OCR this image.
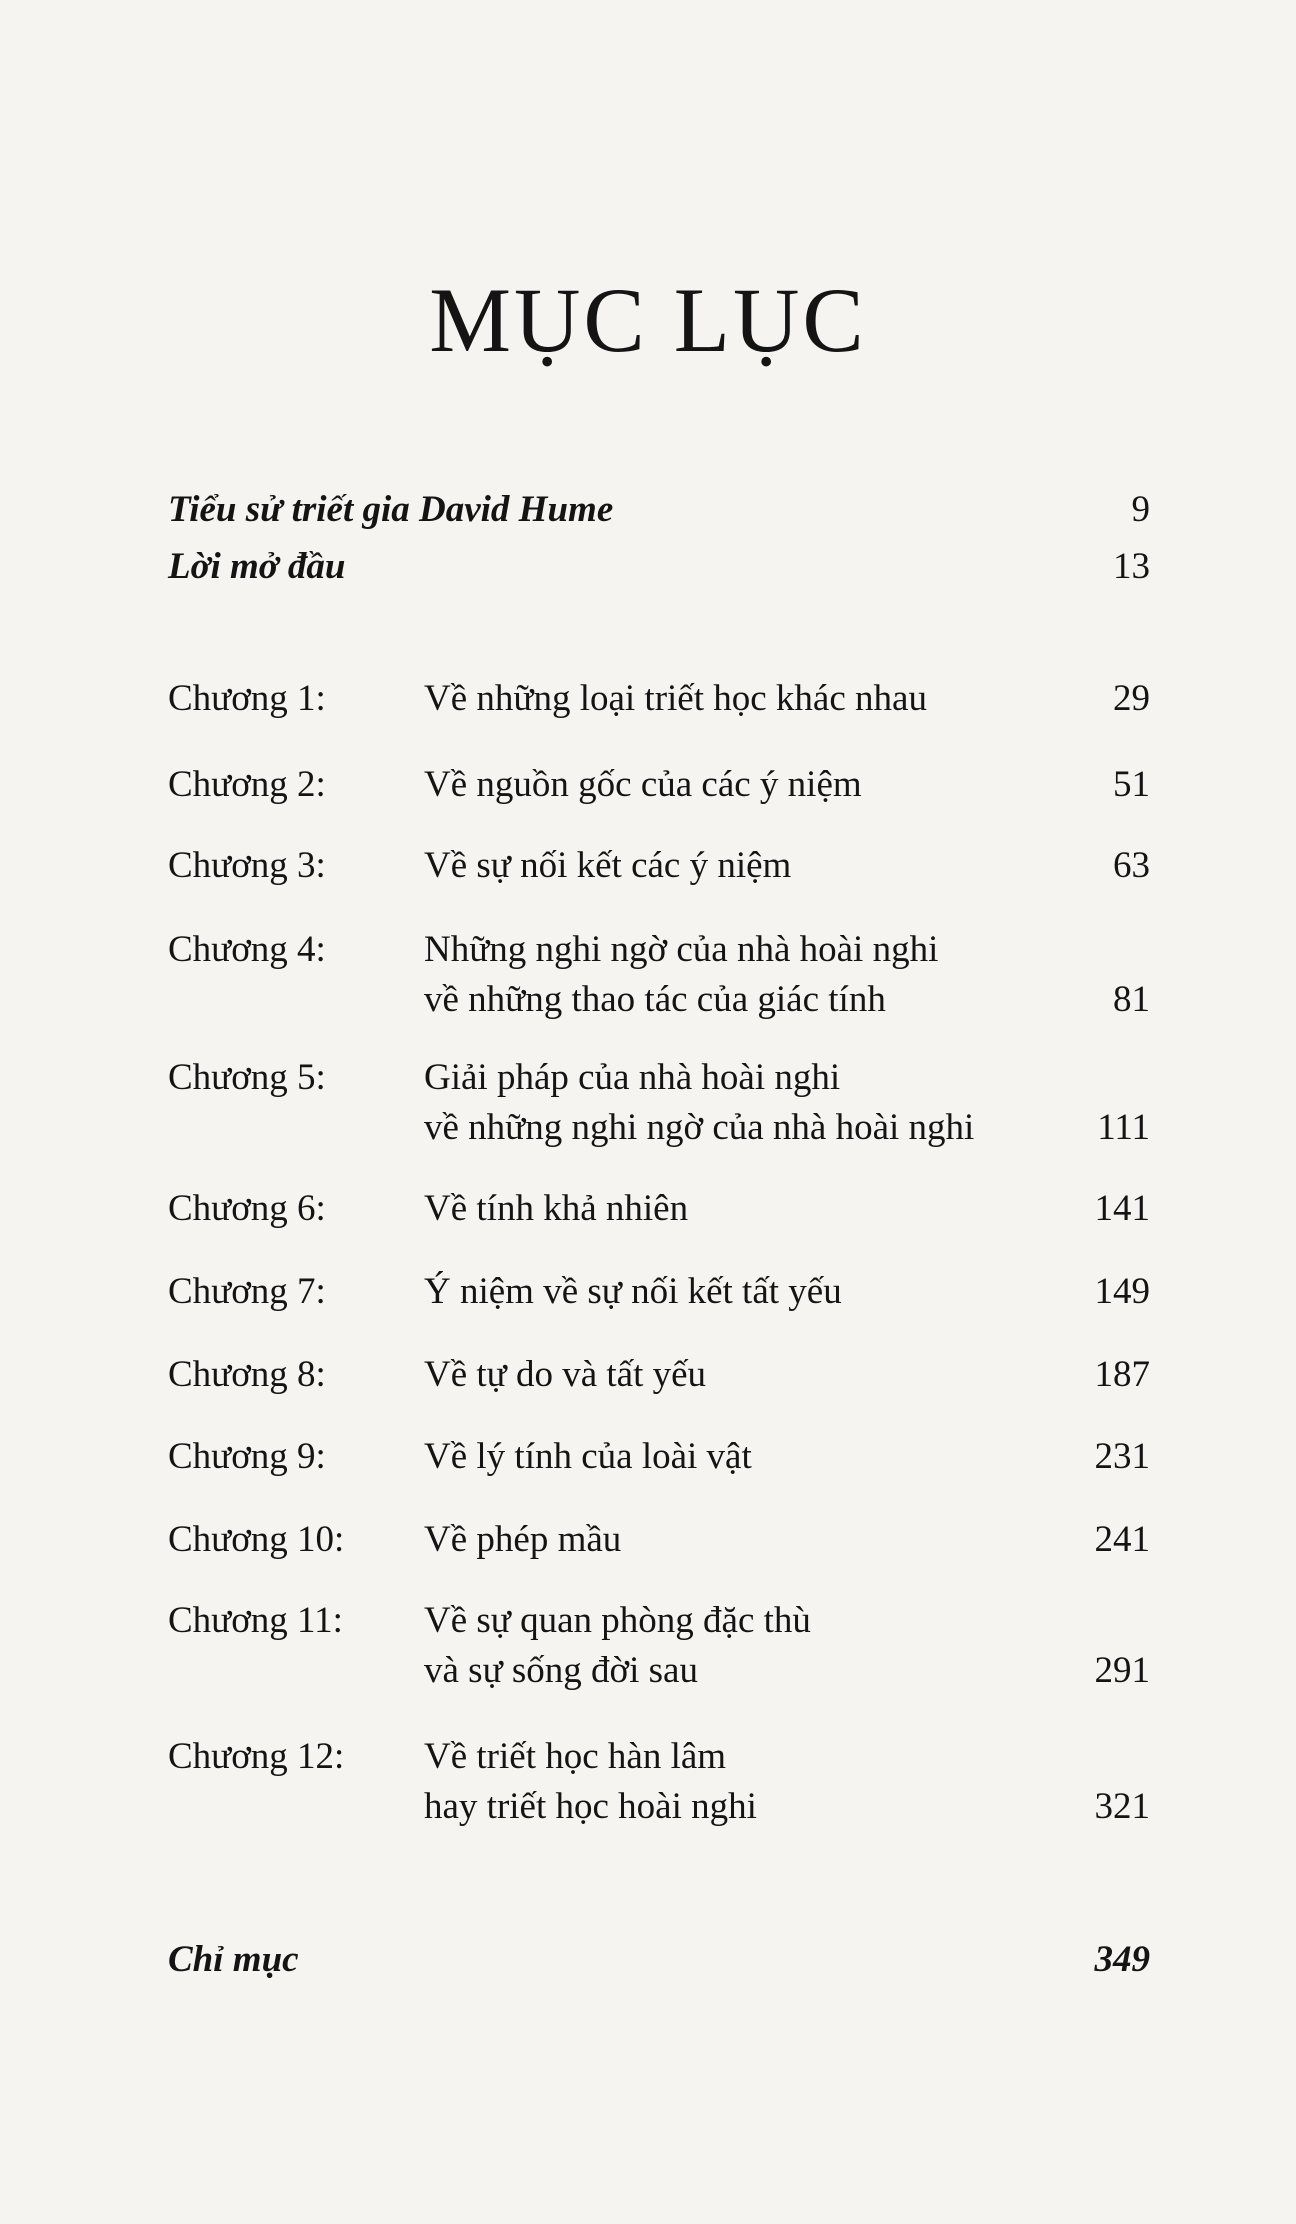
MỤC LỤC
Tiểu sử triết gia David Hume	9
Lời mở đầu	13
Chương 1:	Về những loại triết học khác nhau	29
Chương 2:	Về nguồn gốc của các ý niệm	51
Chương 3:	Về sự nối kết các ý niệm	63
Chương 4:	Những nghi ngờ của nhà hoài nghi
về những thao tác của giác tính	81
Chương 5:	Giải pháp của nhà hoài nghi
về những nghi ngờ của nhà hoài nghi	111
Chương 6:	Về tính khả nhiên	141
Chương 7:	Ý niệm về sự nối kết tất yếu	149
Chương 8:	Về tự do và tất yếu	187
Chương 9:	Về lý tính của loài vật	231
Chương 10: Về phép mầu	241
Chương 11: Về sự quan phòng đặc thù
và sự sống đời sau	291
Chương 12: Về triết học hàn lâm
hay triết học hoài nghi	321
Chỉ mục	349
